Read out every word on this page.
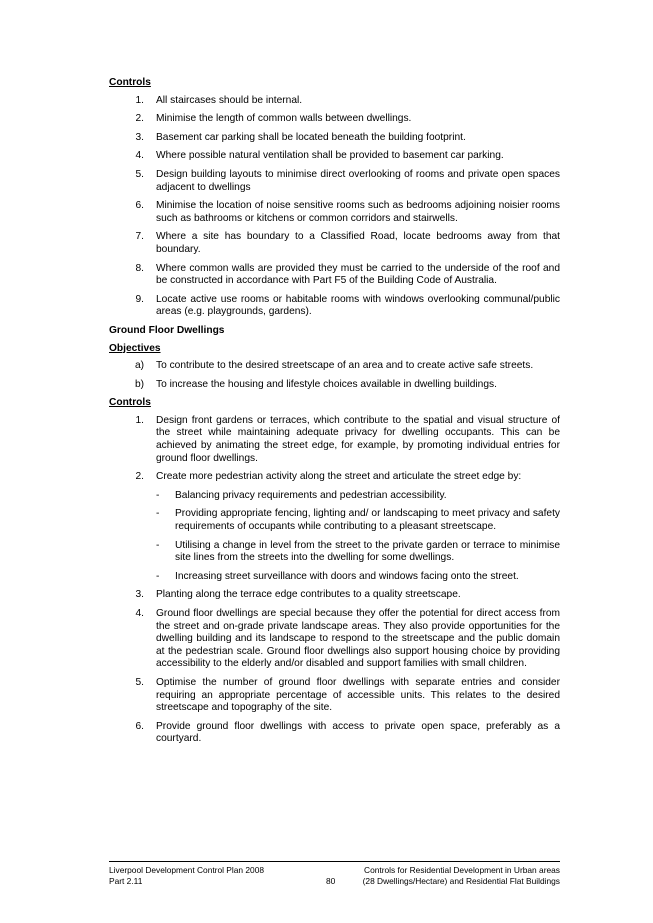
Controls
1.	All staircases should be internal.
2.	Minimise the length of common walls between dwellings.
3.	Basement car parking shall be located beneath the building footprint.
4.	Where possible natural ventilation shall be provided to basement car parking.
5.	Design building layouts to minimise direct overlooking of rooms and private open spaces adjacent to dwellings
6.	Minimise the location of noise sensitive rooms such as bedrooms adjoining noisier rooms such as bathrooms or kitchens or common corridors and stairwells.
7.	Where a site has boundary to a Classified Road, locate bedrooms away from that boundary.
8.	Where common walls are provided they must be carried to the underside of the roof and be constructed in accordance with Part F5 of the Building Code of Australia.
9.	Locate active use rooms or habitable rooms with windows overlooking communal/public areas (e.g. playgrounds, gardens).
Ground Floor Dwellings
Objectives
a)	To contribute to the desired streetscape of an area and to create active safe streets.
b)	To increase the housing and lifestyle choices available in dwelling buildings.
Controls
1.	Design front gardens or terraces, which contribute to the spatial and visual structure of the street while maintaining adequate privacy for dwelling occupants. This can be achieved by animating the street edge, for example, by promoting individual entries for ground floor dwellings.
2.	Create more pedestrian activity along the street and articulate the street edge by:
-	Balancing privacy requirements and pedestrian accessibility.
-	Providing appropriate fencing, lighting and/ or landscaping to meet privacy and safety requirements of occupants while contributing to a pleasant streetscape.
-	Utilising a change in level from the street to the private garden or terrace to minimise site lines from the streets into the dwelling for some dwellings.
-	Increasing street surveillance with doors and windows facing onto the street.
3.	Planting along the terrace edge contributes to a quality streetscape.
4.	Ground floor dwellings are special because they offer the potential for direct access from the street and on-grade private landscape areas. They also provide opportunities for the dwelling building and its landscape to respond to the streetscape and the public domain at the pedestrian scale. Ground floor dwellings also support housing choice by providing accessibility to the elderly and/or disabled and support families with small children.
5.	Optimise the number of ground floor dwellings with separate entries and consider requiring an appropriate percentage of accessible units. This relates to the desired streetscape and topography of the site.
6.	Provide ground floor dwellings with access to private open space, preferably as a courtyard.
Liverpool Development Control Plan 2008
Part 2.11	80
Controls for Residential Development in Urban areas
(28 Dwellings/Hectare) and Residential Flat Buildings
